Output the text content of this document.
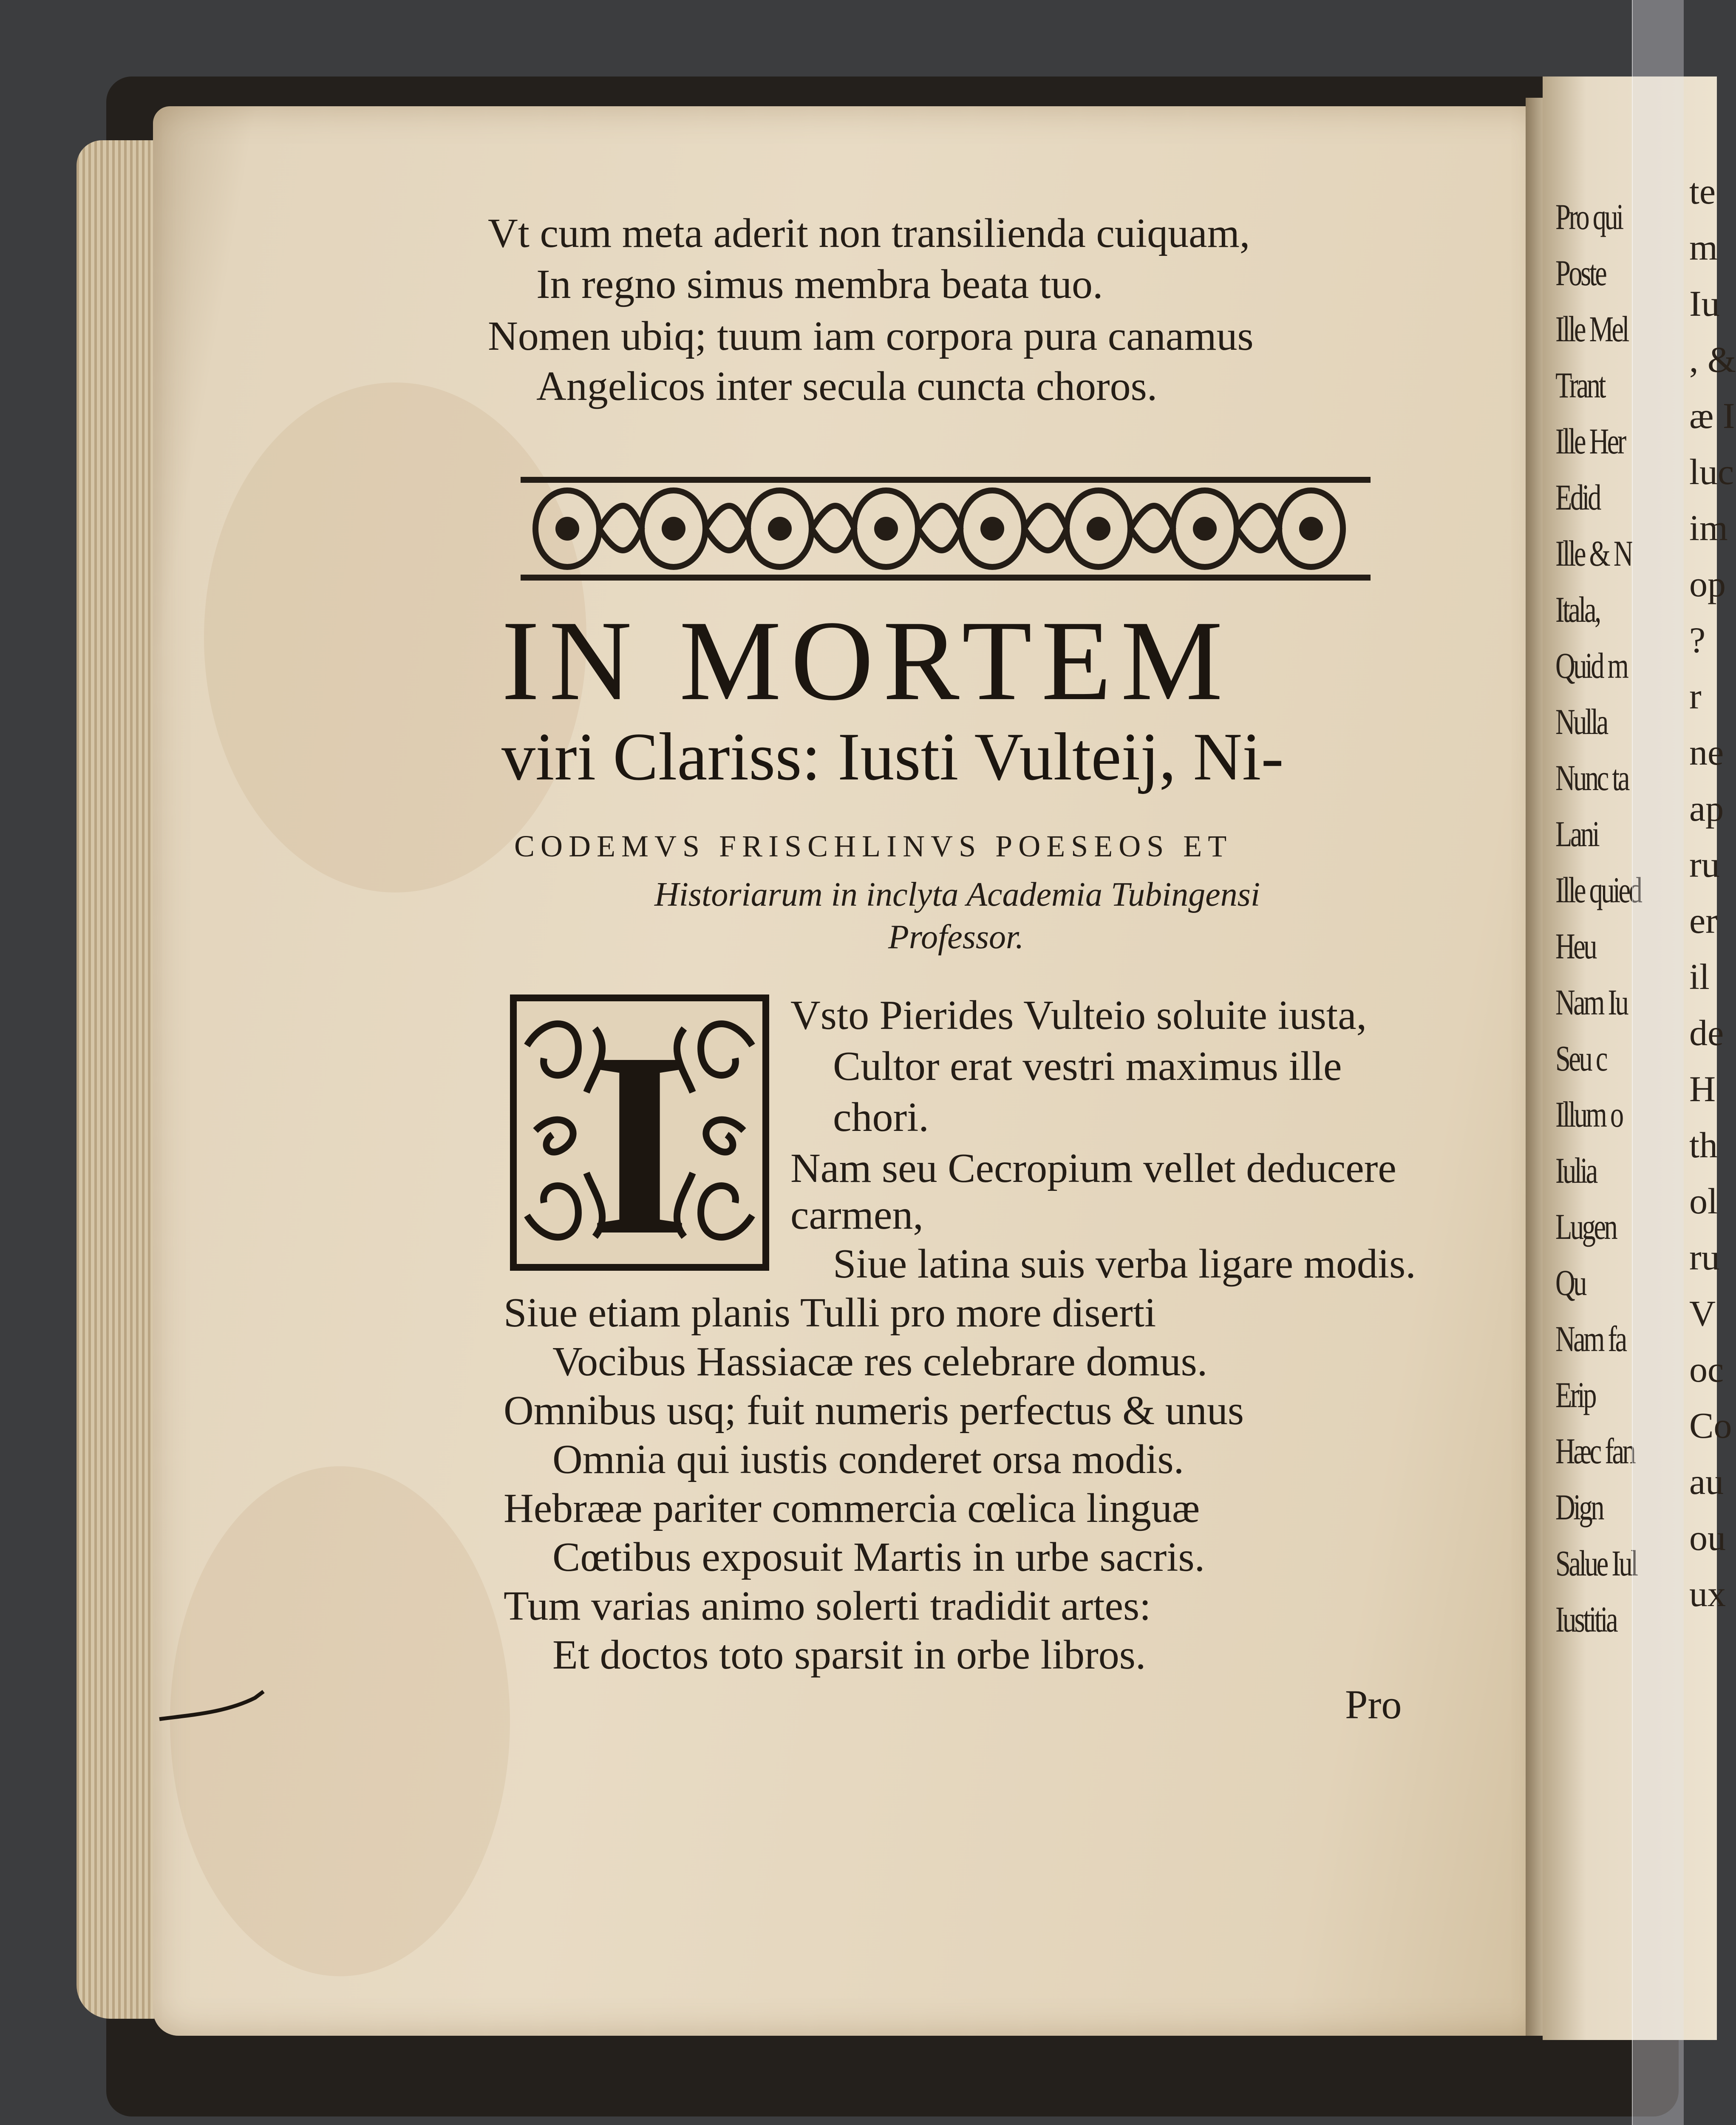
Pro qui
Poste
Ille Mel
Trant
Ille Her
Edid
Ille & N
Itala,
Quid m
Nulla
Nunc ta
Lani
Ille quied
Heu
Nam Iu
Seu c
Illum o
Iulia
Lugen
Qu
Nam fa
Erip
Hæc fan
Dign
Salue Iul
Iustitia
te
m
Iu
, &
æ I
luc
im
op
?
r
ne
ap
ru
er
il
de
H
th
ol
ru
V
oc
Co
au
ou
ux
Vt cum meta aderit non transilienda cuiquam,
In regno simus membra beata tuo.
Nomen ubiq; tuum iam corpora pura canamus
Angelicos inter secula cuncta choros.
IN MORTEM
viri Clariss: Iusti Vulteij, Ni-
CODEMVS FRISCHLINVS POESEOS ET
Historiarum in inclyta Academia Tubingensi
Professor.
I Vsto Pierides Vulteio soluite iusta,
Cultor erat vestri maximus ille
chori.
Nam seu Cecropium vellet deducere
carmen,
Siue latina suis verba ligare modis.
Siue etiam planis Tulli pro more diserti
Vocibus Hassiacæ res celebrare domus.
Omnibus usq; fuit numeris perfectus & unus
Omnia qui iustis conderet orsa modis.
Hebrææ pariter commercia cœlica linguæ
Cœtibus exposuit Martis in urbe sacris.
Tum varias animo solerti tradidit artes:
Et doctos toto sparsit in orbe libros.
Pro
